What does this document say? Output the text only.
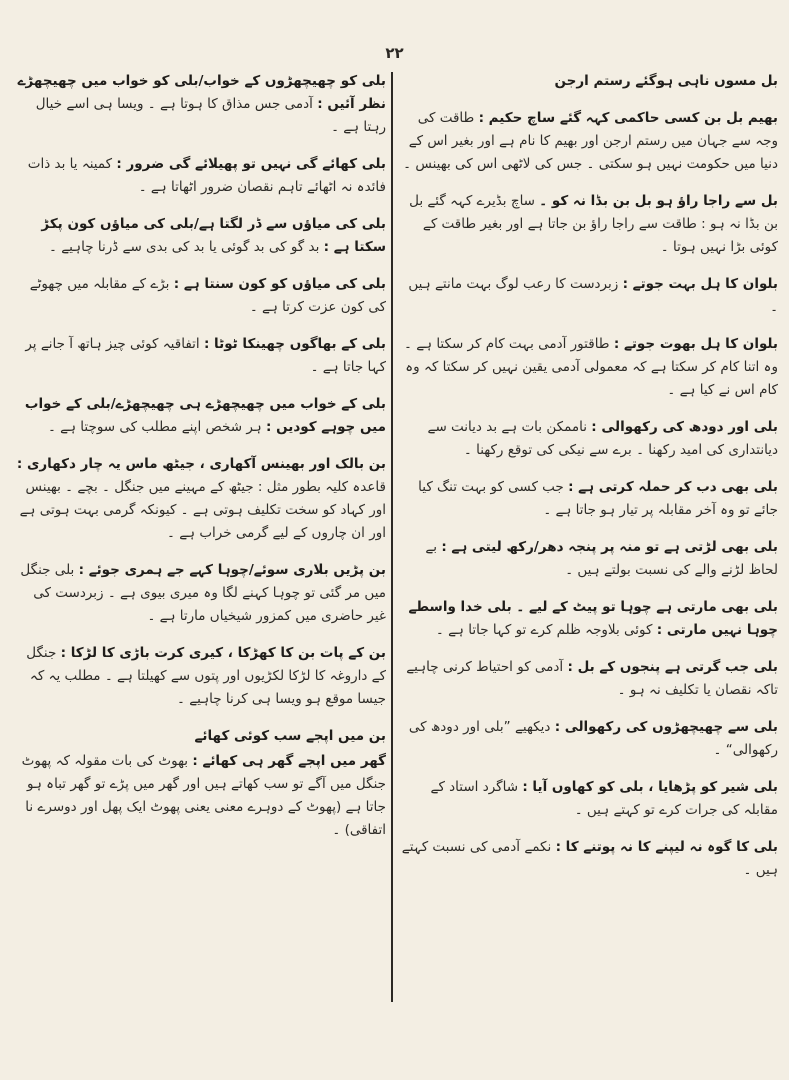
۲۲

بل مسوں ناہی ہوگئے رستم ارجن

بھیم بل بن کسی حاکمی کہہ گئے ساچ حکیم : طاقت کی وجہ سے جہان میں رستم ارجن اور بھیم کا نام ہے اور بغیر اس کے دنیا میں حکومت نہیں ہو سکتی ۔ جس کی لاٹھی اس کی بھینس ۔

بل سے راجا راؤ ہو بل بن بڈا نہ کو ۔ ساچ بڈیرے کہہ گئے بل بن بڈا نہ ہو : طاقت سے راجا راؤ بن جاتا ہے اور بغیر طاقت کے کوئی بڑا نہیں ہوتا ۔

بلوان کا ہل بہت جوتے : زبردست کا رعب لوگ بہت مانتے ہیں ۔

بلوان کا ہل بھوت جوتے : طاقتور آدمی بہت کام کر سکتا ہے ۔ وہ اتنا کام کر سکتا ہے کہ معمولی آدمی یقین نہیں کر سکتا کہ وہ کام اس نے کیا ہے ۔

بلی اور دودھ کی رکھوالی : ناممکن بات ہے بد دیانت سے دیانتداری کی امید رکھنا ۔ برے سے نیکی کی توقع رکھنا ۔

بلی بھی دب کر حملہ کرتی ہے : جب کسی کو بہت تنگ کیا جائے تو وہ آخر مقابلہ پر تیار ہو جاتا ہے ۔

بلی بھی لڑتی ہے تو منہ پر پنجہ دھر/رکھ لیتی ہے : بے لحاظ لڑنے والے کی نسبت بولتے ہیں ۔

بلی بھی مارتی ہے چوہا تو پیٹ کے لیے ۔ بلی خدا واسطے چوہا نہیں مارتی : کوئی بلاوجہ ظلم کرے تو کہا جاتا ہے ۔

بلی جب گرتی ہے پنجوں کے بل : آدمی کو احتیاط کرنی چاہیے تاکہ نقصان یا تکلیف نہ ہو ۔

بلی سے چھیچھڑوں کی رکھوالی : دیکھیے ”بلی اور دودھ کی رکھوالی“ ۔

بلی شیر کو پڑھایا ، بلی کو کھاوں آیا : شاگرد استاد کے مقابلہ کی جرات کرے تو کہتے ہیں ۔

بلی کا گوہ نہ لیپنے کا نہ پوتنے کا : نکمے آدمی کی نسبت کہتے ہیں ۔

بلی کو چھیچھڑوں کے خواب/بلی کو خواب میں چھیچھڑے نظر آئیں : آدمی جس مذاق کا ہوتا ہے ۔ ویسا ہی اسے خیال رہتا ہے ۔

بلی کھائے گی نہیں تو پھیلائے گی ضرور : کمینہ یا بد ذات فائدہ نہ اٹھائے تاہم نقصان ضرور اٹھاتا ہے ۔

بلی کی میاؤں سے ڈر لگتا ہے/بلی کی میاؤں کون پکڑ سکتا ہے : بد گو کی بد گوئی یا بد کی بدی سے ڈرنا چاہیے ۔

بلی کی میاؤں کو کون سنتا ہے : بڑے کے مقابلہ میں چھوٹے کی کون عزت کرتا ہے ۔

بلی کے بھاگوں چھینکا ٹوٹا : اتفاقیہ کوئی چیز ہاتھ آ جانے پر کہا جاتا ہے ۔

بلی کے خواب میں چھیچھڑے ہی چھیچھڑے/بلی کے خواب میں چوہے کودیں : ہر شخص اپنے مطلب کی سوچتا ہے ۔

بن بالک اور بھینس آکھاری ، جیٹھ ماس یہ چار دکھاری : قاعدہ کلیہ بطور مثل : جیٹھ کے مہینے میں جنگل ۔ بچے ۔ بھینس اور کہاد کو سخت تکلیف ہوتی ہے ۔ کیونکہ گرمی بہت ہوتی ہے اور ان چاروں کے لیے گرمی خراب ہے ۔

بن پڑیں بلاری سوئے/چوہا کہے جے ہمری جوئے : بلی جنگل میں مر گئی تو چوہا کہنے لگا وہ میری بیوی ہے ۔ زبردست کی غیر حاضری میں کمزور شیخیاں مارتا ہے ۔

بن کے پات بن کا کھڑکا ، کیری کرت باڑی کا لڑکا : جنگل کے داروغہ کا لڑکا لکڑیوں اور پتوں سے کھیلتا ہے ۔ مطلب یہ کہ جیسا موقع ہو ویسا ہی کرنا چاہیے ۔

بن میں اپجے سب کوئی کھائے

گھر میں اپجے گھر ہی کھائے : بھوٹ کی بات مقولہ کہ پھوٹ جنگل میں آگے تو سب کھاتے ہیں اور گھر میں پڑے تو گھر تباہ ہو جاتا ہے (پھوٹ کے دوہرے معنی یعنی پھوٹ ایک پھل اور دوسرے نا اتفاقی) ۔
